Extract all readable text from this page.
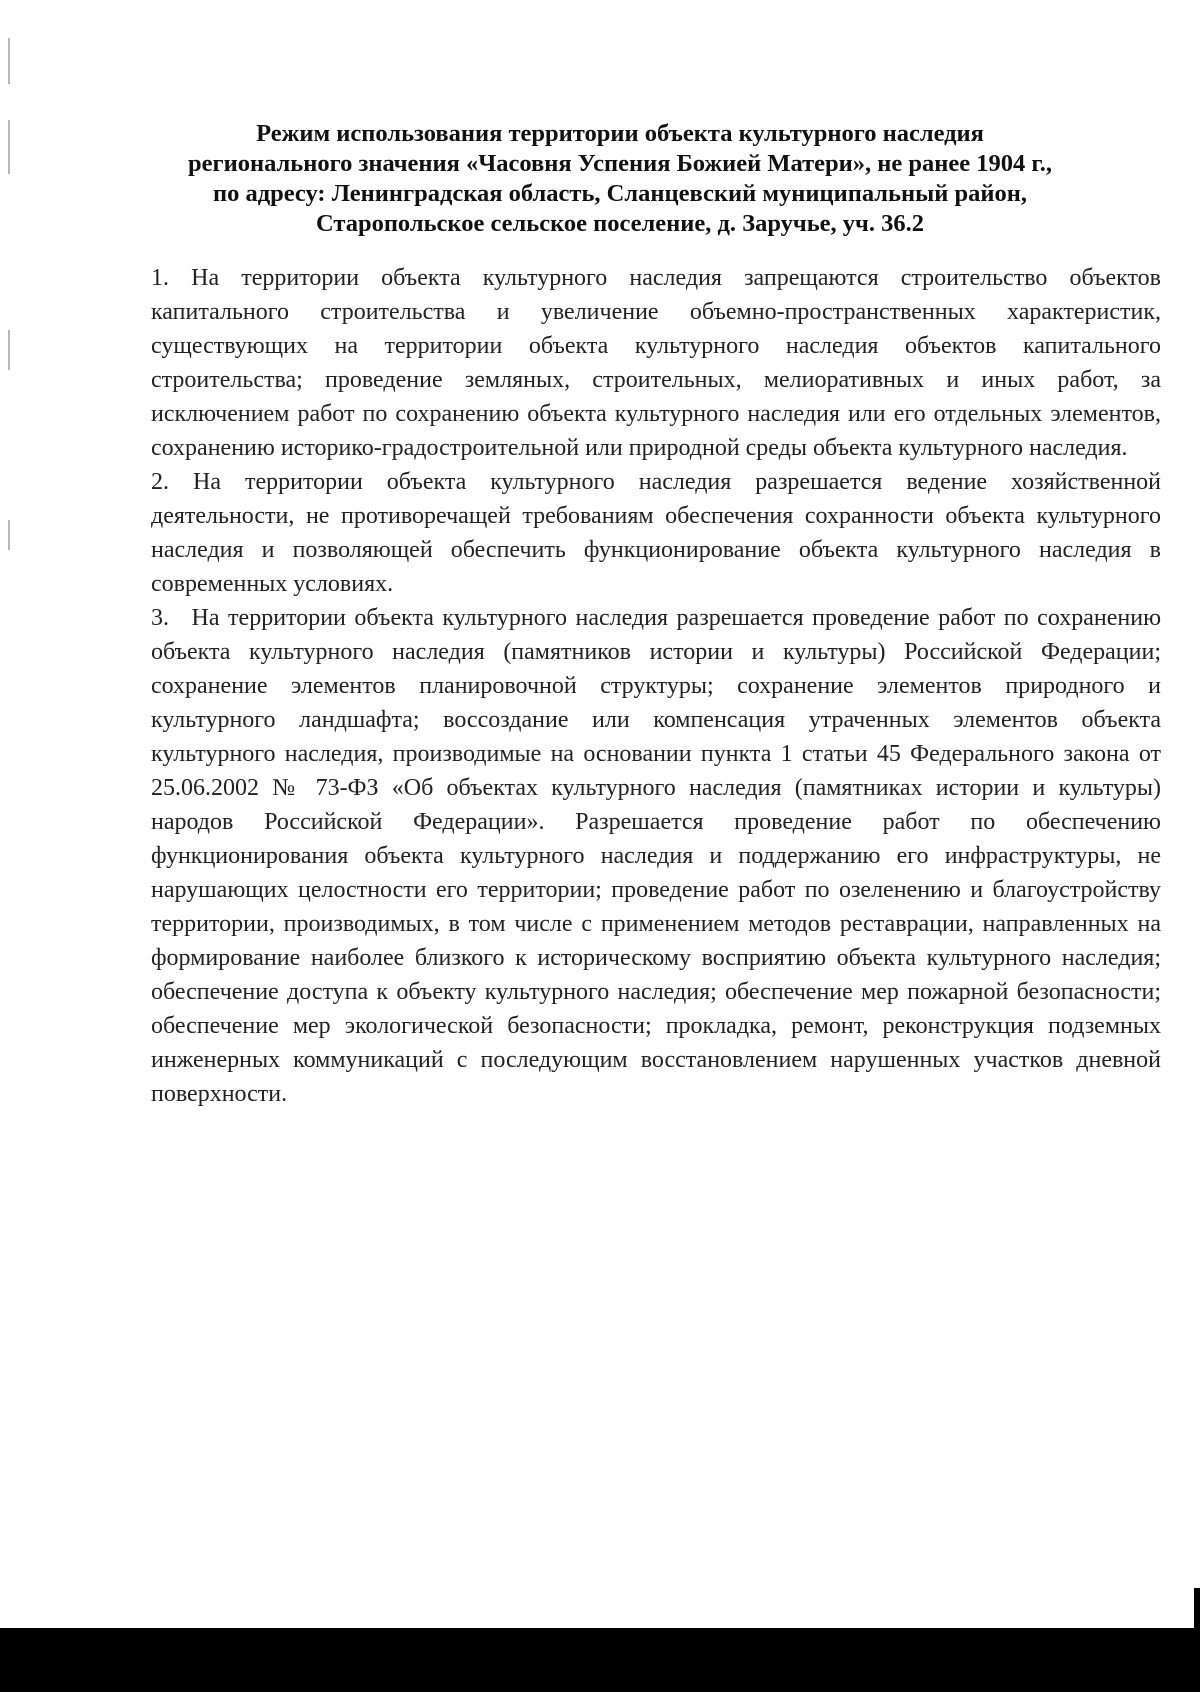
Режим использования территории объекта культурного наследия
регионального значения «Часовня Успения Божией Матери», не ранее 1904 г.,
по адресу: Ленинградская область, Сланцевский муниципальный район,
Старопольское сельское поселение, д. Заручье, уч. 36.2

1. На территории объекта культурного наследия запрещаются строительство объектов капитального строительства и увеличение объемно-пространственных характеристик, существующих на территории объекта культурного наследия объектов капитального строительства; проведение земляных, строительных, мелиоративных и иных работ, за исключением работ по сохранению объекта культурного наследия или его отдельных элементов, сохранению историко-градостроительной или природной среды объекта культурного наследия.

2. На территории объекта культурного наследия разрешается ведение хозяйственной деятельности, не противоречащей требованиям обеспечения сохранности объекта культурного наследия и позволяющей обеспечить функционирование объекта культурного наследия в современных условиях.

3. На территории объекта культурного наследия разрешается проведение работ по сохранению объекта культурного наследия (памятников истории и культуры) Российской Федерации; сохранение элементов планировочной структуры; сохранение элементов природного и культурного ландшафта; воссоздание или компенсация утраченных элементов объекта культурного наследия, производимые на основании пункта 1 статьи 45 Федерального закона от 25.06.2002 № 73-ФЗ «Об объектах культурного наследия (памятниках истории и культуры) народов Российской Федерации». Разрешается проведение работ по обеспечению функционирования объекта культурного наследия и поддержанию его инфраструктуры, не нарушающих целостности его территории; проведение работ по озеленению и благоустройству территории, производимых, в том числе с применением методов реставрации, направленных на формирование наиболее близкого к историческому восприятию объекта культурного наследия; обеспечение доступа к объекту культурного наследия; обеспечение мер пожарной безопасности; обеспечение мер экологической безопасности; прокладка, ремонт, реконструкция подземных инженерных коммуникаций с последующим восстановлением нарушенных участков дневной поверхности.
